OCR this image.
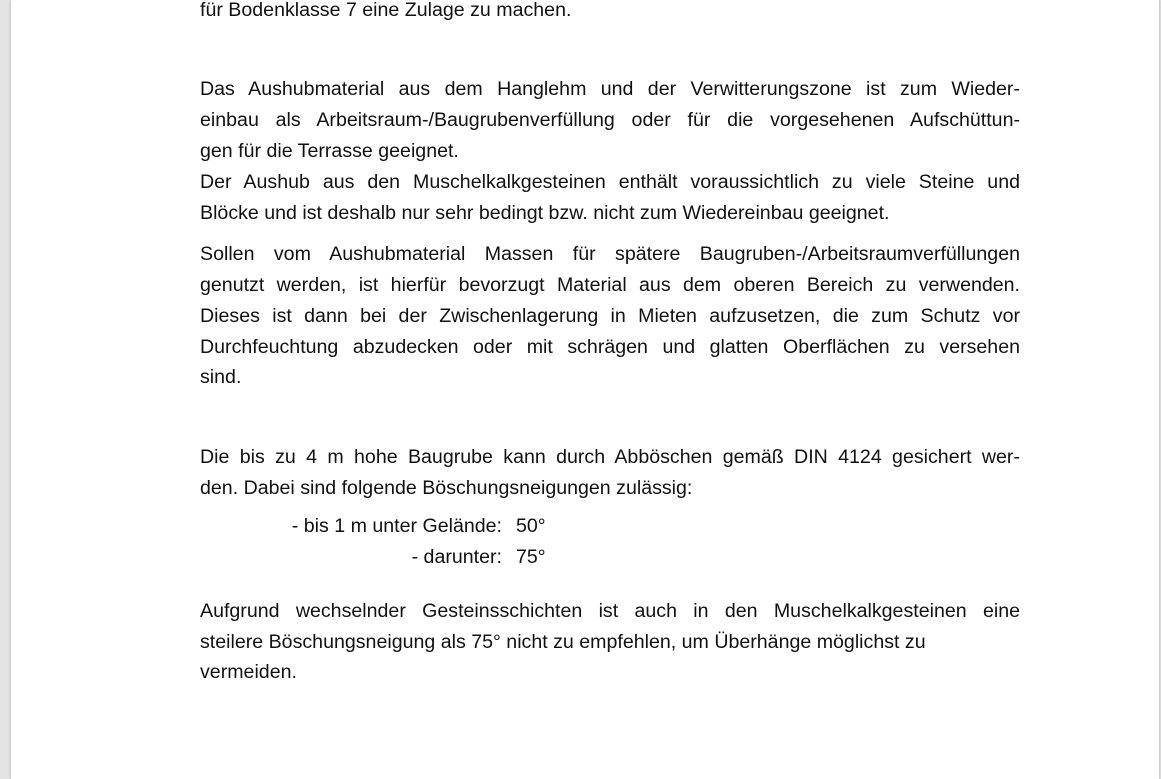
für Bodenklasse 7 eine Zulage zu machen.
Das Aushubmaterial aus dem Hanglehm und der Verwitterungszone ist zum Wieder-
einbau als Arbeitsraum-/Baugrubenverfüllung oder für die vorgesehenen Aufschüttun-
gen für die Terrasse geeignet.
Der Aushub aus den Muschelkalkgesteinen enthält voraussichtlich zu viele Steine und
Blöcke und ist deshalb nur sehr bedingt bzw. nicht zum Wiedereinbau geeignet.
Sollen vom Aushubmaterial Massen für spätere Baugruben-/Arbeitsraumverfüllungen
genutzt werden, ist hierfür bevorzugt Material aus dem oberen Bereich zu verwenden.
Dieses ist dann bei der Zwischenlagerung in Mieten aufzusetzen, die zum Schutz vor
Durchfeuchtung abzudecken oder mit schrägen und glatten Oberflächen zu versehen
sind.
Die bis zu 4 m hohe Baugrube kann durch Abböschen gemäß DIN 4124 gesichert wer-
den. Dabei sind folgende Böschungsneigungen zulässig:
- bis 1 m unter Gelände: 50°
- darunter: 75°
Aufgrund wechselnder Gesteinsschichten ist auch in den Muschelkalkgesteinen eine
steilere Böschungsneigung als 75° nicht zu empfehlen, um Überhänge möglichst zu
vermeiden.
